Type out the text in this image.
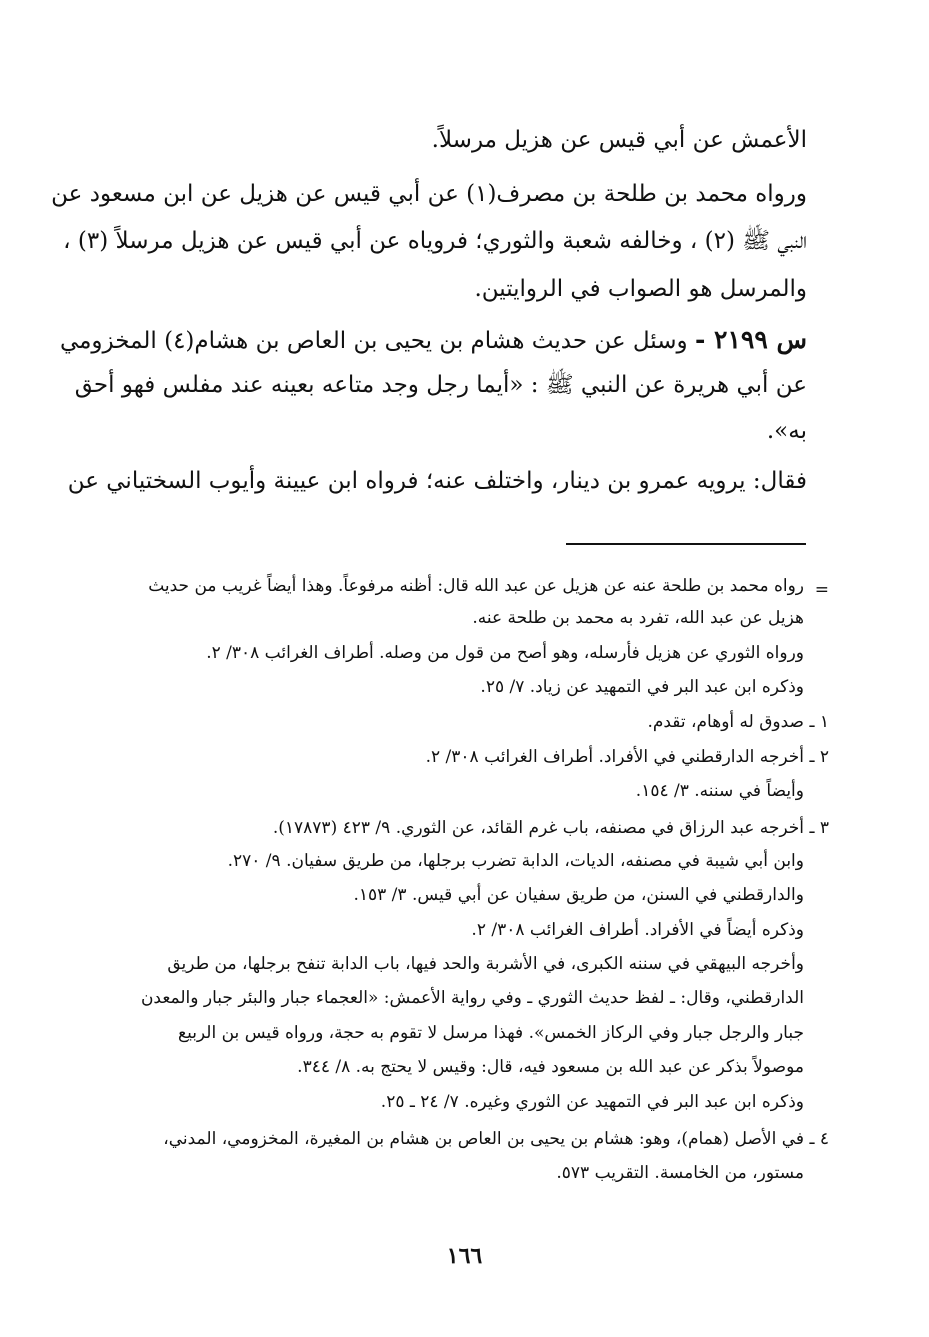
الأعمش عن أبي قيس عن هزيل مرسلاً.
ورواه محمد بن طلحة بن مصرف(١) عن أبي قيس عن هزيل عن ابن مسعود عن
النبي ﷺ (٢) ، وخالفه شعبة والثوري؛ فروياه عن أبي قيس عن هزيل مرسلاً (٣) ،
والمرسل هو الصواب في الروايتين.
س ٢١٩٩ - وسئل عن حديث هشام بن يحيى بن العاص بن هشام(٤) المخزومي
عن أبي هريرة عن النبي ﷺ : «أيما رجل وجد متاعه بعينه عند مفلس فهو أحق
به».
فقال: يرويه عمرو بن دينار، واختلف عنه؛ فرواه ابن عيينة وأيوب السختياني عن
=
رواه محمد بن طلحة عنه عن هزيل عن عبد الله قال: أظنه مرفوعاً. وهذا أيضاً غريب من حديث
هزيل عن عبد الله، تفرد به محمد بن طلحة عنه.
ورواه الثوري عن هزيل فأرسله، وهو أصح من قول من وصله. أطراف الغرائب ٣٠٨/ ٢.
وذكره ابن عبد البر في التمهيد عن زياد. ٧/ ٢٥.
١ ـ
صدوق له أوهام، تقدم.
٢ ـ
أخرجه الدارقطني في الأفراد. أطراف الغرائب ٣٠٨/ ٢.
وأيضاً في سننه. ٣/ ١٥٤.
٣ ـ
أخرجه عبد الرزاق في مصنفه، باب غرم القائد، عن الثوري. ٩/ ٤٢٣ (١٧٨٧٣).
وابن أبي شيبة في مصنفه، الديات، الدابة تضرب برجلها، من طريق سفيان. ٩/ ٢٧٠.
والدارقطني في السنن، من طريق سفيان عن أبي قيس. ٣/ ١٥٣.
وذكره أيضاً في الأفراد. أطراف الغرائب ٣٠٨/ ٢.
وأخرجه البيهقي في سننه الكبرى، في الأشربة والحد فيها، باب الدابة تنفح برجلها، من طريق
الدارقطني، وقال: ـ لفظ حديث الثوري ـ وفي رواية الأعمش: «العجماء جبار والبئر جبار والمعدن
جبار والرجل جبار وفي الركاز الخمس». فهذا مرسل لا تقوم به حجة، ورواه قيس بن الربيع
موصولاً بذكر عن عبد الله بن مسعود فيه، قال: وقيس لا يحتج به. ٨/ ٣٤٤.
وذكره ابن عبد البر في التمهيد عن الثوري وغيره. ٧/ ٢٤ ـ ٢٥.
٤ ـ
في الأصل (همام)، وهو: هشام بن يحيى بن العاص بن هشام بن المغيرة، المخزومي، المدني،
مستور، من الخامسة. التقريب ٥٧٣.
١٦٦
